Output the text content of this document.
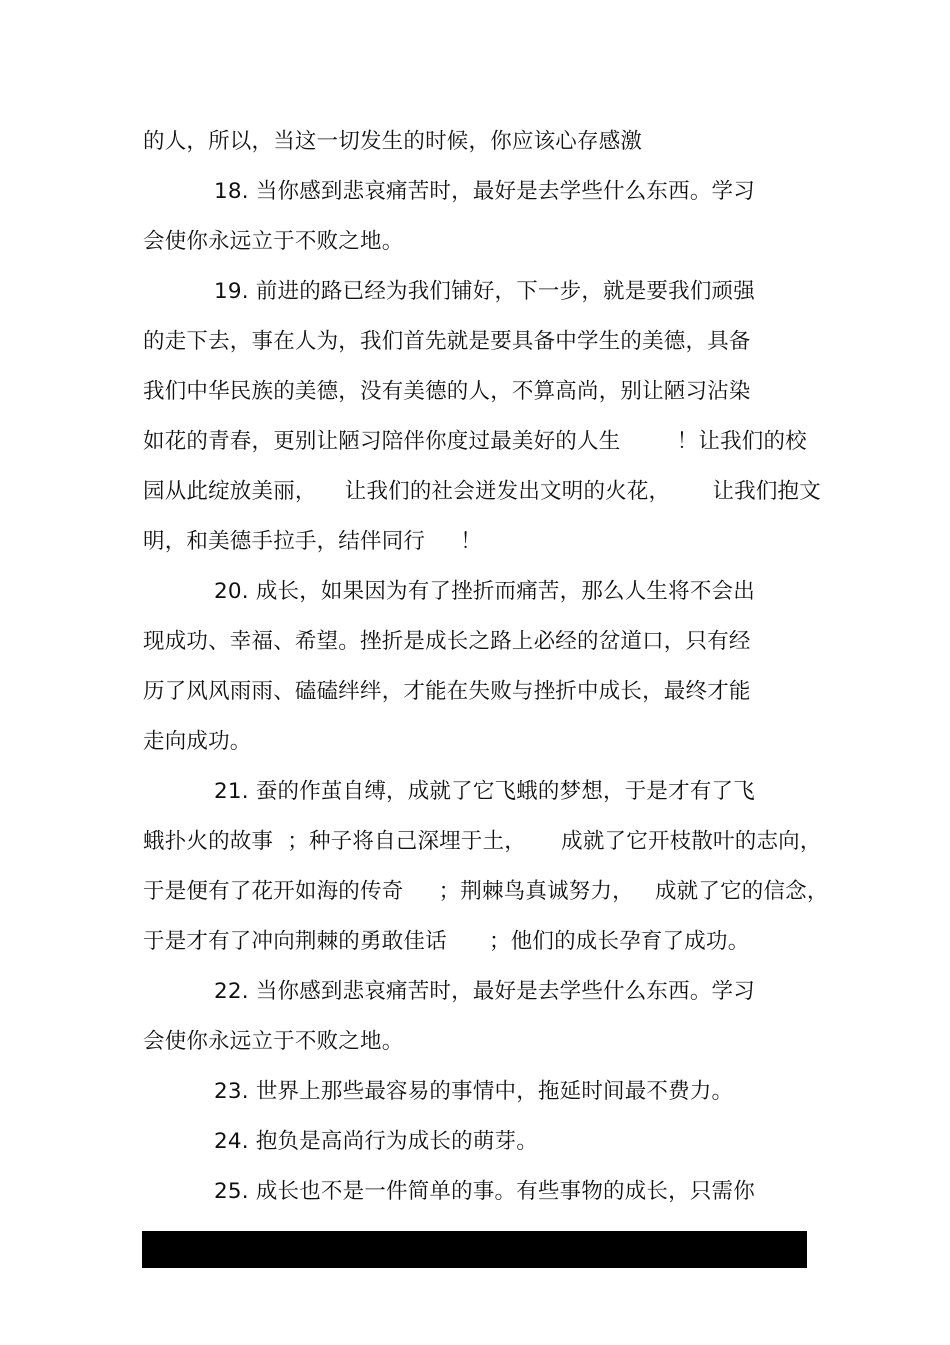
的人，所以，当这一切发生的时候，你应该心存感激
18. 当你感到悲哀痛苦时，最好是去学些什么东西。学习
会使你永远立于不败之地。
19. 前进的路已经为我们铺好，下一步，就是要我们顽强
的走下去，事在人为，我们首先就是要具备中学生的美德，具备
我们中华民族的美德，没有美德的人，不算高尚，别让陋习沾染
如花的青春，更别让陋习陪伴你度过最美好的人生        ！让我们的校
园从此绽放美丽，    让我们的社会迸发出文明的火花，      让我们抱文
明，和美德手拉手，结伴同行     ！
20. 成长，如果因为有了挫折而痛苦，那么人生将不会出
现成功、幸福、希望。挫折是成长之路上必经的岔道口，只有经
历了风风雨雨、磕磕绊绊，才能在失败与挫折中成长，最终才能
走向成功。
21. 蚕的作茧自缚，成就了它飞蛾的梦想，于是才有了飞
蛾扑火的故事  ；种子将自己深埋于土，     成就了它开枝散叶的志向，
于是便有了花开如海的传奇     ；荆棘鸟真诚努力，   成就了它的信念，
于是才有了冲向荆棘的勇敢佳话      ；他们的成长孕育了成功。
22. 当你感到悲哀痛苦时，最好是去学些什么东西。学习
会使你永远立于不败之地。
23. 世界上那些最容易的事情中，拖延时间最不费力。
24. 抱负是高尚行为成长的萌芽。
25. 成长也不是一件简单的事。有些事物的成长，只需你
